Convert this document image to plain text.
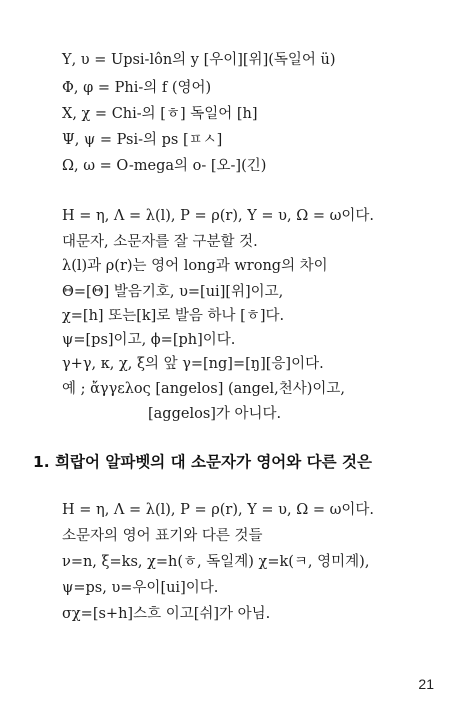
Υ, υ = Upsi-lôn의 y [우이][위](독일어 ü)
Φ, φ = Phi-의 f (영어)
Χ, χ = Chi-의 [ㅎ] 독일어 [h]
Ψ, ψ = Psi-의 ps [ㅍㅅ]
Ω, ω = O-mega의 o- [오-](긴)
Η = η, Λ = λ(l), Ρ = ρ(r), Υ = υ, Ω = ω이다.
대문자, 소문자를 잘 구분할 것.
λ(l)과 ρ(r)는 영어 long과 wrong의 차이
Θ=[Θ] 발음기호, υ=[ui][위]이고,
χ=[h] 또는[k]로 발음 하나 [ㅎ]다.
ψ=[ps]이고, ϕ=[ph]이다.
γ+γ, κ, χ, ξ의 앞 γ=[ng]=[ŋ][응]이다.
예 ; ἄγγελος [angelos] (angel,천사)이고,
[aggelos]가 아니다.
1. 희랍어 알파벳의 대 소문자가 영어와 다른 것은
Η = η, Λ = λ(l), Ρ = ρ(r), Υ = υ, Ω = ω이다.
소문자의 영어 표기와 다른 것들
ν=n, ξ=ks, χ=h(ㅎ, 독일계) χ=k(ㅋ, 영미계),
ψ=ps, υ=우이[ui]이다.
σχ=[s+h]스흐 이고[쉬]가 아님.
21
